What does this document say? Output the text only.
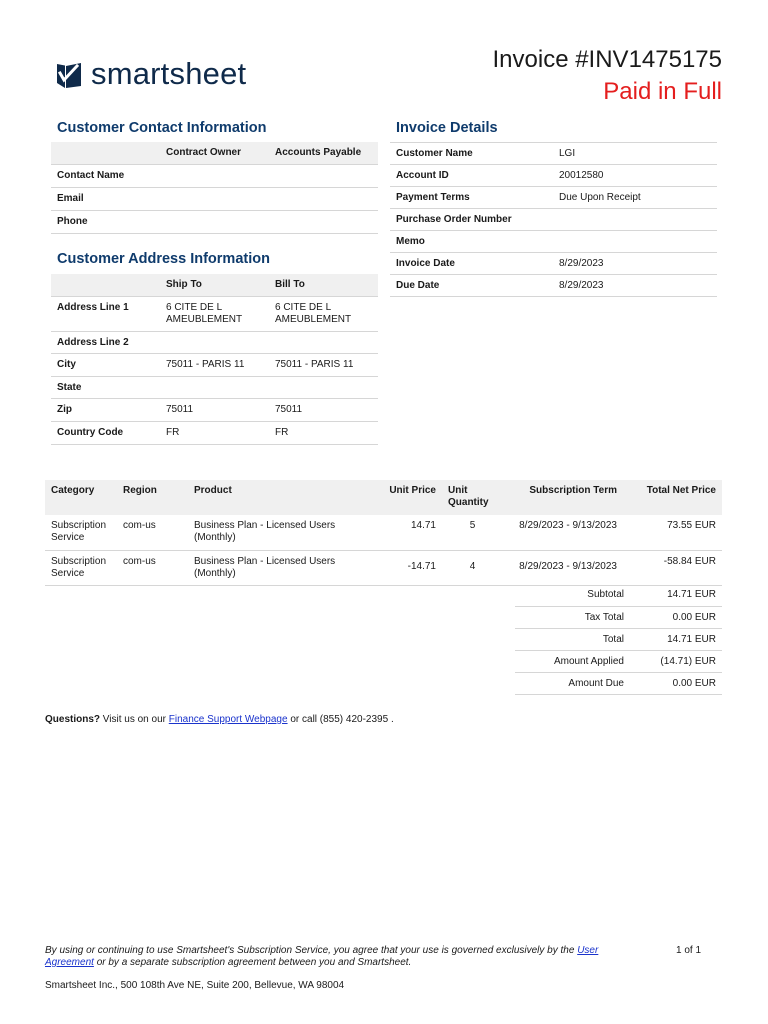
smartsheet	Invoice #INV1475175
Paid in Full
Customer Contact Information
	Contract Owner	Accounts Payable
Contact Name		
Email		
Phone		
Customer Address Information
	Ship To	Bill To
Address Line 1	6 CITE DE L AMEUBLEMENT	6 CITE DE L AMEUBLEMENT
Address Line 2		
City	75011 - PARIS 11	75011 - PARIS 11
State		
Zip	75011	75011
Country Code	FR	FR
Invoice Details
Customer Name	LGI
Account ID	20012580
Payment Terms	Due Upon Receipt
Purchase Order Number	
Memo	
Invoice Date	8/29/2023
Due Date	8/29/2023
Category	Region	Product	Unit Price	Unit Quantity	Subscription Term	Total Net Price
Subscription Service	com-us	Business Plan - Licensed Users (Monthly)	14.71	5	8/29/2023 - 9/13/2023	73.55 EUR
Subscription Service	com-us	Business Plan - Licensed Users (Monthly)	-14.71	4	8/29/2023 - 9/13/2023	-58.84 EUR
Subtotal	14.71 EUR
Tax Total	0.00 EUR
Total	14.71 EUR
Amount Applied	(14.71) EUR
Amount Due	0.00 EUR
Questions? Visit us on our Finance Support Webpage or call (855) 420-2395 .
By using or continuing to use Smartsheet's Subscription Service, you agree that your use is governed exclusively by the User Agreement or by a separate subscription agreement between you and Smartsheet.
1 of 1
Smartsheet Inc., 500 108th Ave NE, Suite 200, Bellevue, WA 98004
